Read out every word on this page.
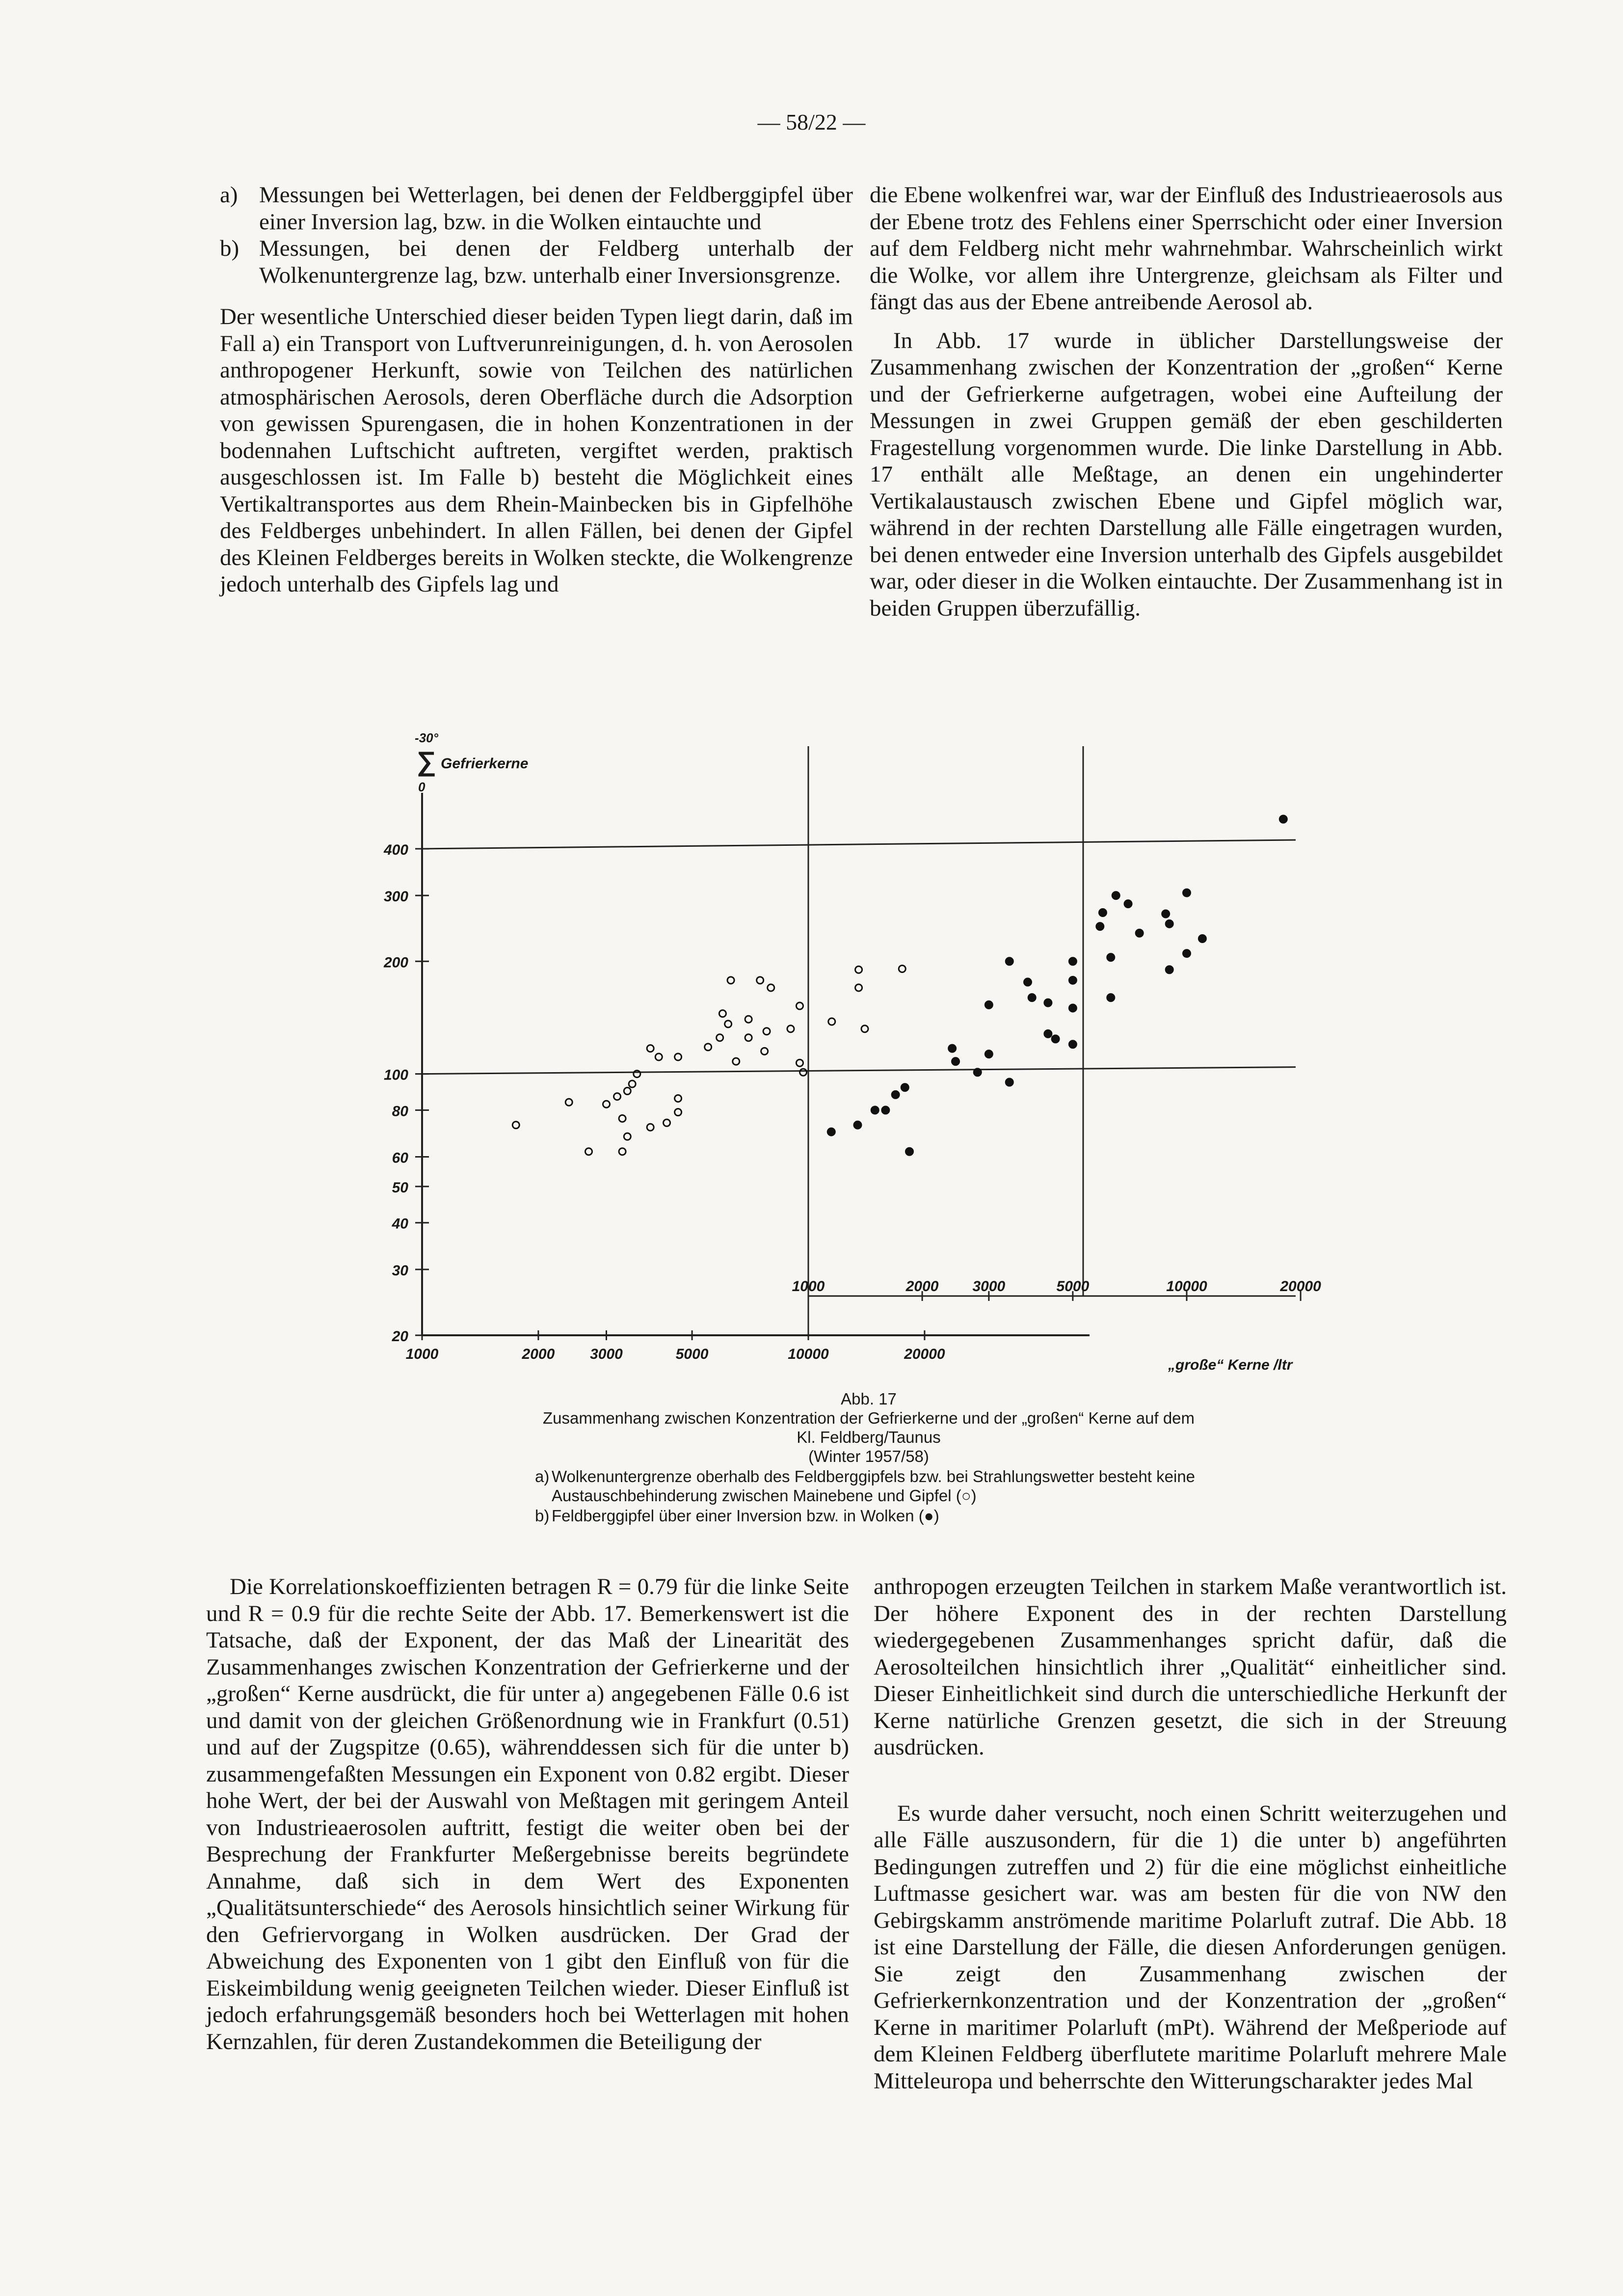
— 58/22 —
a) Messungen bei Wetterlagen, bei denen der Feldberggipfel über einer Inversion lag, bzw. in die Wolken eintauchte und
b) Messungen, bei denen der Feldberg unterhalb der Wolkenuntergrenze lag, bzw. unterhalb einer Inversionsgrenze.

Der wesentliche Unterschied dieser beiden Typen liegt darin, daß im Fall a) ein Transport von Luftverunreinigungen, d. h. von Aerosolen anthropogener Herkunft, sowie von Teilchen des natürlichen atmosphärischen Aerosols, deren Oberfläche durch die Adsorption von gewissen Spurengasen, die in hohen Konzentrationen in der bodennahen Luftschicht auftreten, vergiftet werden, praktisch ausgeschlossen ist. Im Falle b) besteht die Möglichkeit eines Vertikaltransportes aus dem Rhein-Mainbecken bis in Gipfelhöhe des Feldberges unbehindert. In allen Fällen, bei denen der Gipfel des Kleinen Feldberges bereits in Wolken steckte, die Wolkengrenze jedoch unterhalb des Gipfels lag und

die Ebene wolkenfrei war, war der Einfluß des Industrieaerosols aus der Ebene trotz des Fehlens einer Sperrschicht oder einer Inversion auf dem Feldberg nicht mehr wahrnehmbar. Wahrscheinlich wirkt die Wolke, vor allem ihre Untergrenze, gleichsam als Filter und fängt das aus der Ebene antreibende Aerosol ab.

In Abb. 17 wurde in üblicher Darstellungsweise der Zusammenhang zwischen der Konzentration der „großen“ Kerne und der Gefrierkerne aufgetragen, wobei eine Aufteilung der Messungen in zwei Gruppen gemäß der eben geschilderten Fragestellung vorgenommen wurde. Die linke Darstellung in Abb. 17 enthält alle Meßtage, an denen ein ungehinderter Vertikalaustausch zwischen Ebene und Gipfel möglich war, während in der rechten Darstellung alle Fälle eingetragen wurden, bei denen entweder eine Inversion unterhalb des Gipfels ausgebildet war, oder dieser in die Wolken eintauchte. Der Zusammenhang ist in beiden Gruppen überzufällig.

20
30
40
50
60
80
100
200
300
400
1000	2000 3000	5000	10000	20000
1000	2000 3000	5000	10000	20000
-30°
∑ Gefrierkerne
0
„große“ Kerne /ltr
Abb. 17
Zusammenhang zwischen Konzentration der Gefrierkerne und der „großen“ Kerne auf dem Kl. Feldberg/Taunus
(Winter 1957/58)
a) Wolkenuntergrenze oberhalb des Feldberggipfels bzw. bei Strahlungswetter besteht keine Austauschbehinderung zwischen Mainebene und Gipfel (○)
b) Feldberggipfel über einer Inversion bzw. in Wolken (●)

Die Korrelationskoeffizienten betragen R = 0.79 für die linke Seite und R = 0.9 für die rechte Seite der Abb. 17. Bemerkenswert ist die Tatsache, daß der Exponent, der das Maß der Linearität des Zusammenhanges zwischen Konzentration der Gefrierkerne und der „großen“ Kerne ausdrückt, die für unter a) angegebenen Fälle 0.6 ist und damit von der gleichen Größenordnung wie in Frankfurt (0.51) und auf der Zugspitze (0.65), währenddessen sich für die unter b) zusammengefaßten Messungen ein Exponent von 0.82 ergibt. Dieser hohe Wert, der bei der Auswahl von Meßtagen mit geringem Anteil von Industrieaerosolen auftritt, festigt die weiter oben bei der Besprechung der Frankfurter Meßergebnisse bereits begründete Annahme, daß sich in dem Wert des Exponenten „Qualitätsunterschiede“ des Aerosols hinsichtlich seiner Wirkung für den Gefriervorgang in Wolken ausdrücken. Der Grad der Abweichung des Exponenten von 1 gibt den Einfluß von für die Eiskeimbildung wenig geeigneten Teilchen wieder. Dieser Einfluß ist jedoch erfahrungsgemäß besonders hoch bei Wetterlagen mit hohen Kernzahlen, für deren Zustandekommen die Beteiligung der

anthropogen erzeugten Teilchen in starkem Maße verantwortlich ist. Der höhere Exponent des in der rechten Darstellung wiedergegebenen Zusammenhanges spricht dafür, daß die Aerosolteilchen hinsichtlich ihrer „Qualität“ einheitlicher sind. Dieser Einheitlichkeit sind durch die unterschiedliche Herkunft der Kerne natürliche Grenzen gesetzt, die sich in der Streuung ausdrücken.

Es wurde daher versucht, noch einen Schritt weiterzugehen und alle Fälle auszusondern, für die 1) die unter b) angeführten Bedingungen zutreffen und 2) für die eine möglichst einheitliche Luftmasse gesichert war. was am besten für die von NW den Gebirgskamm anströmende maritime Polarluft zutraf. Die Abb. 18 ist eine Darstellung der Fälle, die diesen Anforderungen genügen. Sie zeigt den Zusammenhang zwischen der Gefrierkernkonzentration und der Konzentration der „großen“ Kerne in maritimer Polarluft (mPt). Während der Meßperiode auf dem Kleinen Feldberg überflutete maritime Polarluft mehrere Male Mitteleuropa und beherrschte den Witterungscharakter jedes Mal
